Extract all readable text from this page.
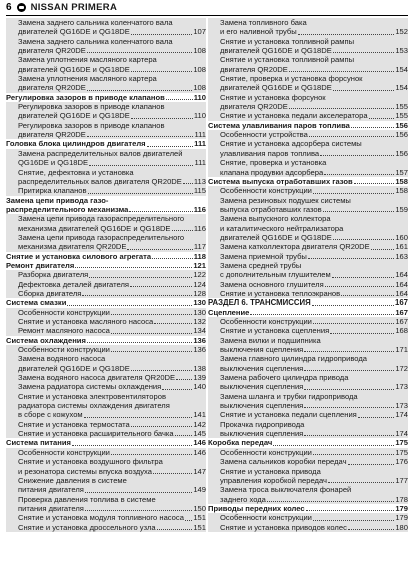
6 NISSAN PRIMERA
Замена заднего сальника коленчатого вала
двигателей QG16DE и QG18DE	107
Замена заднего сальника коленчатого вала
двигателя QR20DE	108
Замена уплотнения масляного картера
двигателей QG16DE и QG18DE	108
Замена уплотнения масляного картера
двигателя QR20DE	108
Регулировка зазоров в приводе клапанов	110
Регулировка зазоров в приводе клапанов
двигателей QG16DE и QG18DE	110
Регулировка зазоров в приводе клапанов
двигателя QR20DE	111
Головка блока цилиндров двигателя	111
Замена распределительных валов двигателей
QG16DE и QG18DE	111
Снятие, дефектовка и установка
распределительных валов двигателя QR20DE 113
Притирка клапанов	115
Замена цепи привода газо-
распределительного механизма	116
Замена цепи привода газораспределительного
механизма двигателей QG16DE и QG18DE	116
Замена цепи привода газораспределительного
механизма двигателя QR20DE	117
Снятие и установка силового агрегата	118
Ремонт двигателя	121
Разборка двигателя	122
Дефектовка деталей двигателя	124
Сборка двигателя	128
Система смазки	130
Особенности конструкции	130
Снятие и установка масляного насоса	132
Ремонт масляного насоса	134
Система охлаждения	136
Особенности конструкции	136
Замена водяного насоса
двигателей QG16DE и QG18DE	138
Замена водяного насоса двигателя QR20DE 139
Замена радиатора системы охлаждения	140
Снятие и установка электровентиляторов
радиатора системы охлаждения двигателя
в сборе с кожухом	141
Снятие и установка термостата	142
Снятие и установка расширительного бачка	145
Система питания	146
Особенности конструкции	146
Снятие и установка воздушного фильтра
и резонатора системы впуска воздуха	147
Снижение давления в системе
питания двигателя	149
Проверка давления топлива в системе
питания двигателя	150
Снятие и установка модуля топливного насоса 151
Снятие и установка дроссельного узла	151
Замена топливного бака
и его наливной трубы	152
Снятие и установка топливной рампы
двигателей QG16DE и QG18DE	153
Снятие и установка топливной рампы
двигателя QR20DE	154
Снятие, проверка и установка форсунок
двигателей QG16DE и QG18DE	154
Снятие и установка форсунок
двигателя QR20DE	155
Снятие и установка педали акселератора	155
Система улавливания паров топлива	156
Особенности устройства	156
Снятие и установка адсорбера системы
улавливания паров топлива	156
Снятие, проверка и установка
клапана продувки адсорбера	157
Система выпуска отработавших газов	158
Особенности конструкции	158
Замена резиновых подушек системы
выпуска отработавших газов	159
Замена выпускного коллектора
и каталитического нейтрализатора
двигателей QG16DE и QG18DE	160
Замена катколлектора двигателя QR20DE	161
Замена приемной трубы	163
Замена средней трубы
с дополнительным глушителем	164
Замена основного глушителя	164
Снятие и установка теплоэкранов	164
РАЗДЕЛ 6. ТРАНСМИССИЯ	167
Сцепление	167
Особенности конструкции	167
Снятие и установка сцепления	168
Замена вилки и подшипника
выключения сцепления	171
Замена главного цилиндра гидропривода
выключения сцепления	172
Замена рабочего цилиндра привода
выключения сцепления	173
Замена шланга и трубки гидропривода
выключения сцепления	173
Снятие и установка педали сцепления	174
Прокачка гидропривода
выключения сцепления	174
Коробка передач	175
Особенности конструкции	175
Замена сальников коробки передач	176
Снятие и установка привода
управления коробкой передач	177
Замена троса выключателя фонарей
заднего хода	178
Приводы передних колес	179
Особенности конструкции	179
Снятие и установка приводов колес	180
